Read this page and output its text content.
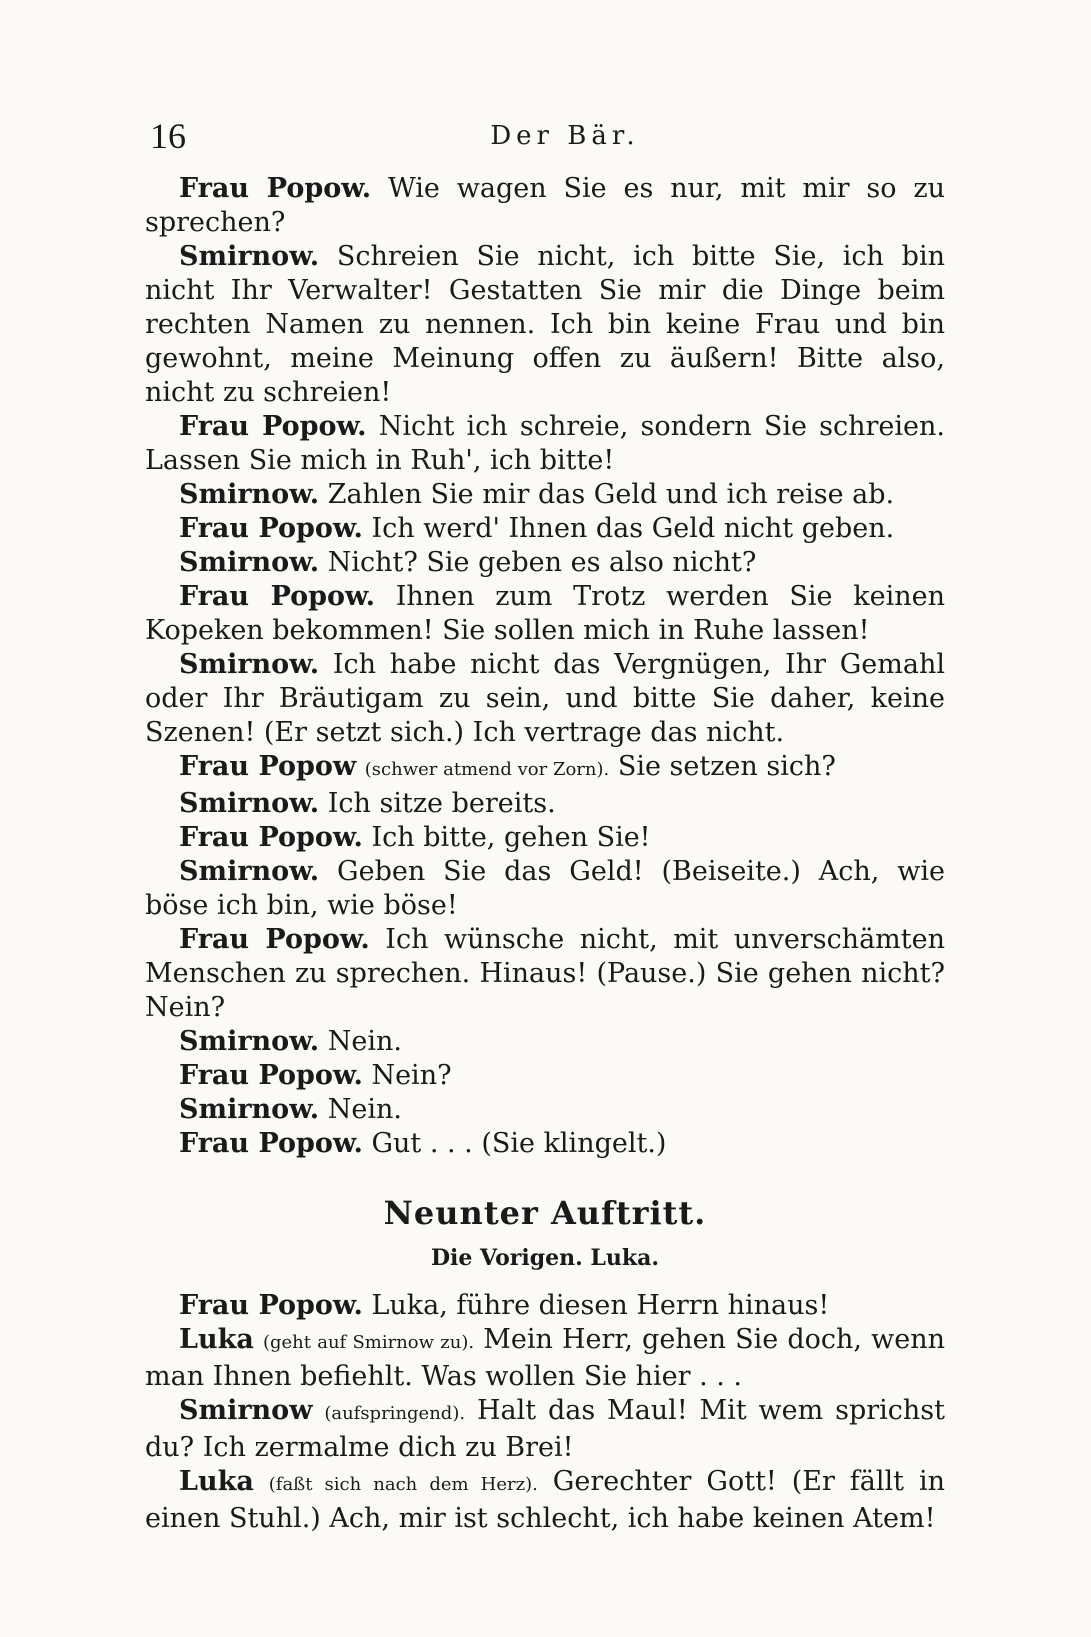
16	Der Bär.

Frau Popow. Wie wagen Sie es nur, mit mir so zu sprechen?

Smirnow. Schreien Sie nicht, ich bitte Sie, ich bin nicht Ihr Verwalter! Gestatten Sie mir die Dinge beim rechten Namen zu nennen. Ich bin keine Frau und bin gewohnt, meine Meinung offen zu äußern! Bitte also, nicht zu schreien!

Frau Popow. Nicht ich schreie, sondern Sie schreien. Lassen Sie mich in Ruh', ich bitte!

Smirnow. Zahlen Sie mir das Geld und ich reise ab.

Frau Popow. Ich werd' Ihnen das Geld nicht geben.

Smirnow. Nicht? Sie geben es also nicht?

Frau Popow. Ihnen zum Trotz werden Sie keinen Kopeken bekommen! Sie sollen mich in Ruhe lassen!

Smirnow. Ich habe nicht das Vergnügen, Ihr Gemahl oder Ihr Bräutigam zu sein, und bitte Sie daher, keine Szenen! (Er setzt sich.) Ich vertrage das nicht.

Frau Popow (schwer atmend vor Zorn). Sie setzen sich?

Smirnow. Ich sitze bereits.

Frau Popow. Ich bitte, gehen Sie!

Smirnow. Geben Sie das Geld! (Beiseite.) Ach, wie böse ich bin, wie böse!

Frau Popow. Ich wünsche nicht, mit unverschämten Menschen zu sprechen. Hinaus! (Pause.) Sie gehen nicht? Nein?

Smirnow. Nein.

Frau Popow. Nein?

Smirnow. Nein.

Frau Popow. Gut . . . (Sie klingelt.)

Neunter Auftritt.
Die Vorigen. Luka.

Frau Popow. Luka, führe diesen Herrn hinaus!

Luka (geht auf Smirnow zu). Mein Herr, gehen Sie doch, wenn man Ihnen befiehlt. Was wollen Sie hier . . .

Smirnow (aufspringend). Halt das Maul! Mit wem sprichst du? Ich zermalme dich zu Brei!

Luka (faßt sich nach dem Herz). Gerechter Gott! (Er fällt in einen Stuhl.) Ach, mir ist schlecht, ich habe keinen Atem!
